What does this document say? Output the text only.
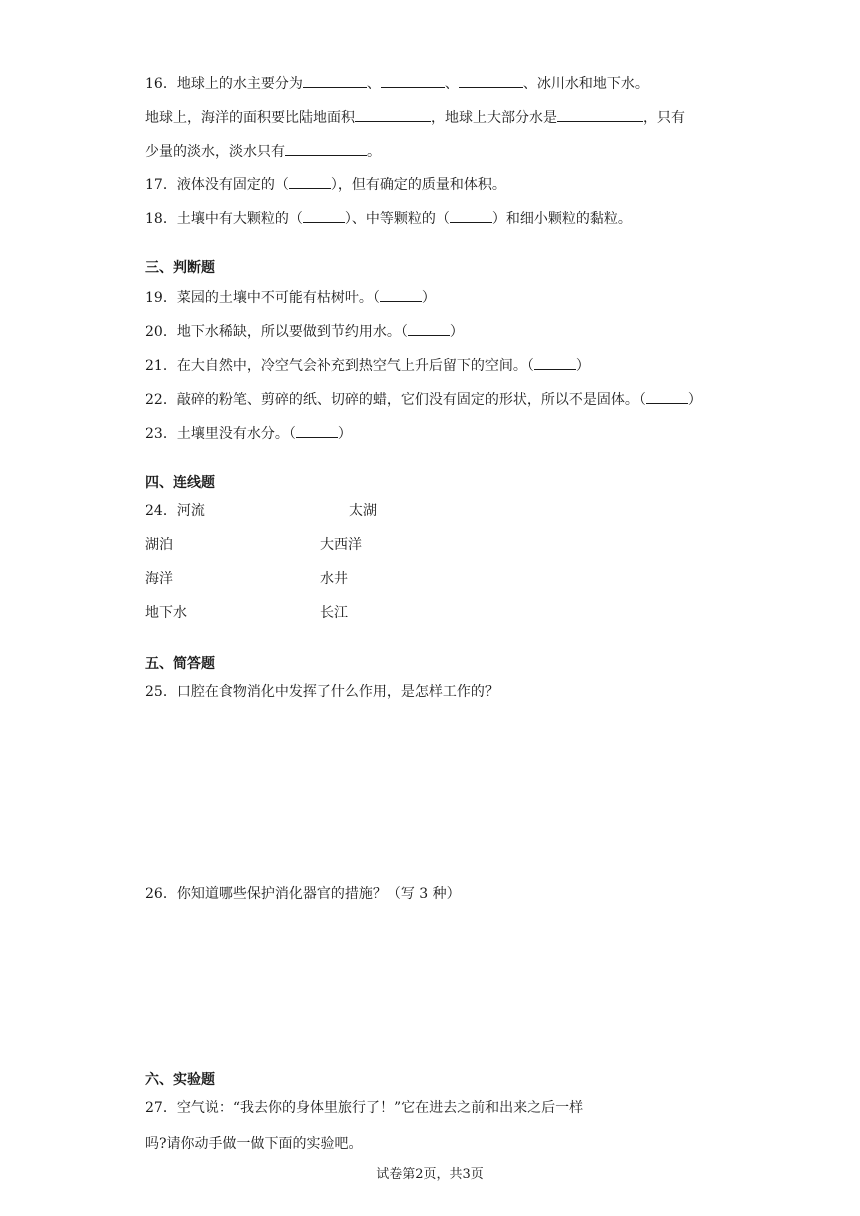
16．地球上的水主要分为	、	、	、冰川水和地下水。
地球上，海洋的面积要比陆地面积	，地球上大部分水是	，只有
少量的淡水，淡水只有	。
17．液体没有固定的（	），但有确定的质量和体积。
18．土壤中有大颗粒的（	）、中等颗粒的（	）和细小颗粒的黏粒。
三、判断题
19．菜园的土壤中不可能有枯树叶。（	）
20．地下水稀缺，所以要做到节约用水。（	）
21．在大自然中，冷空气会补充到热空气上升后留下的空间。（	）
22．敲碎的粉笔、剪碎的纸、切碎的蜡，它们没有固定的形状，所以不是固体。（	）
23．土壤里没有水分。（	）
四、连线题
24．河流	太湖
湖泊	大西洋
海洋	水井
地下水	长江
五、简答题
25．口腔在食物消化中发挥了什么作用，是怎样工作的？
26．你知道哪些保护消化器官的措施？（写 3 种）
六、实验题
27．空气说：“我去你的身体里旅行了！”它在进去之前和出来之后一样
吗?请你动手做一做下面的实验吧。
试卷第2页，共3页
